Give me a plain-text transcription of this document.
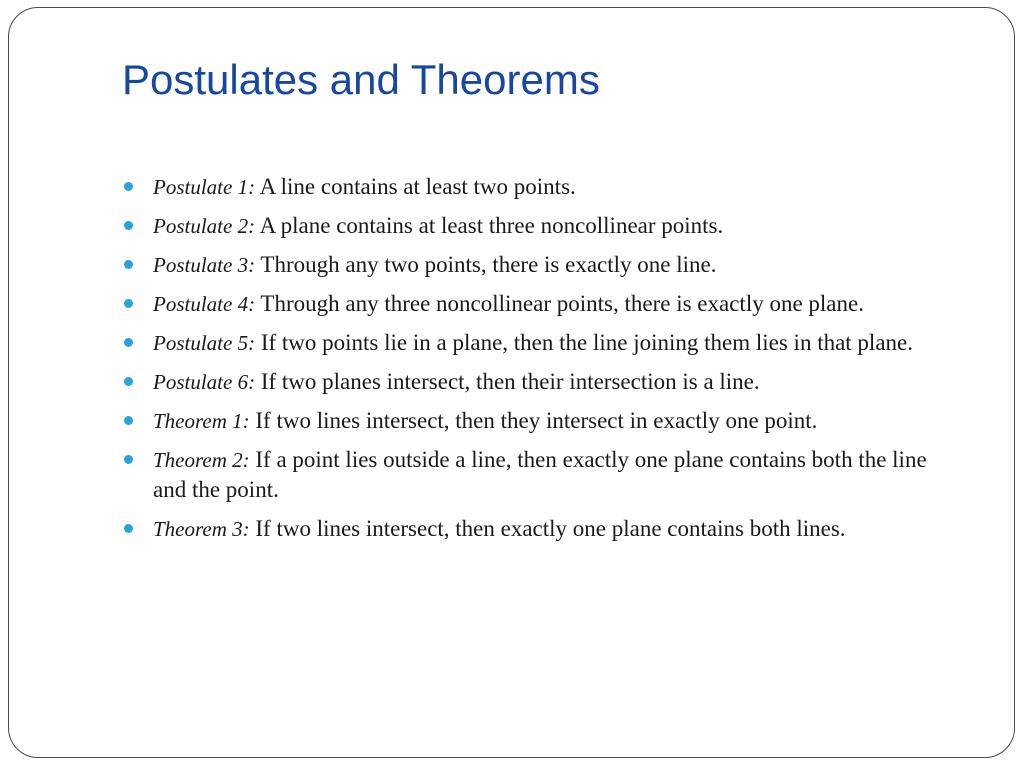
Postulates and Theorems
Postulate 1: A line contains at least two points.
Postulate 2: A plane contains at least three noncollinear points.
Postulate 3: Through any two points, there is exactly one line.
Postulate 4: Through any three noncollinear points, there is exactly one plane.
Postulate 5: If two points lie in a plane, then the line joining them lies in that plane.
Postulate 6: If two planes intersect, then their intersection is a line.
Theorem 1: If two lines intersect, then they intersect in exactly one point.
Theorem 2: If a point lies outside a line, then exactly one plane contains both the line and the point.
Theorem 3: If two lines intersect, then exactly one plane contains both lines.
